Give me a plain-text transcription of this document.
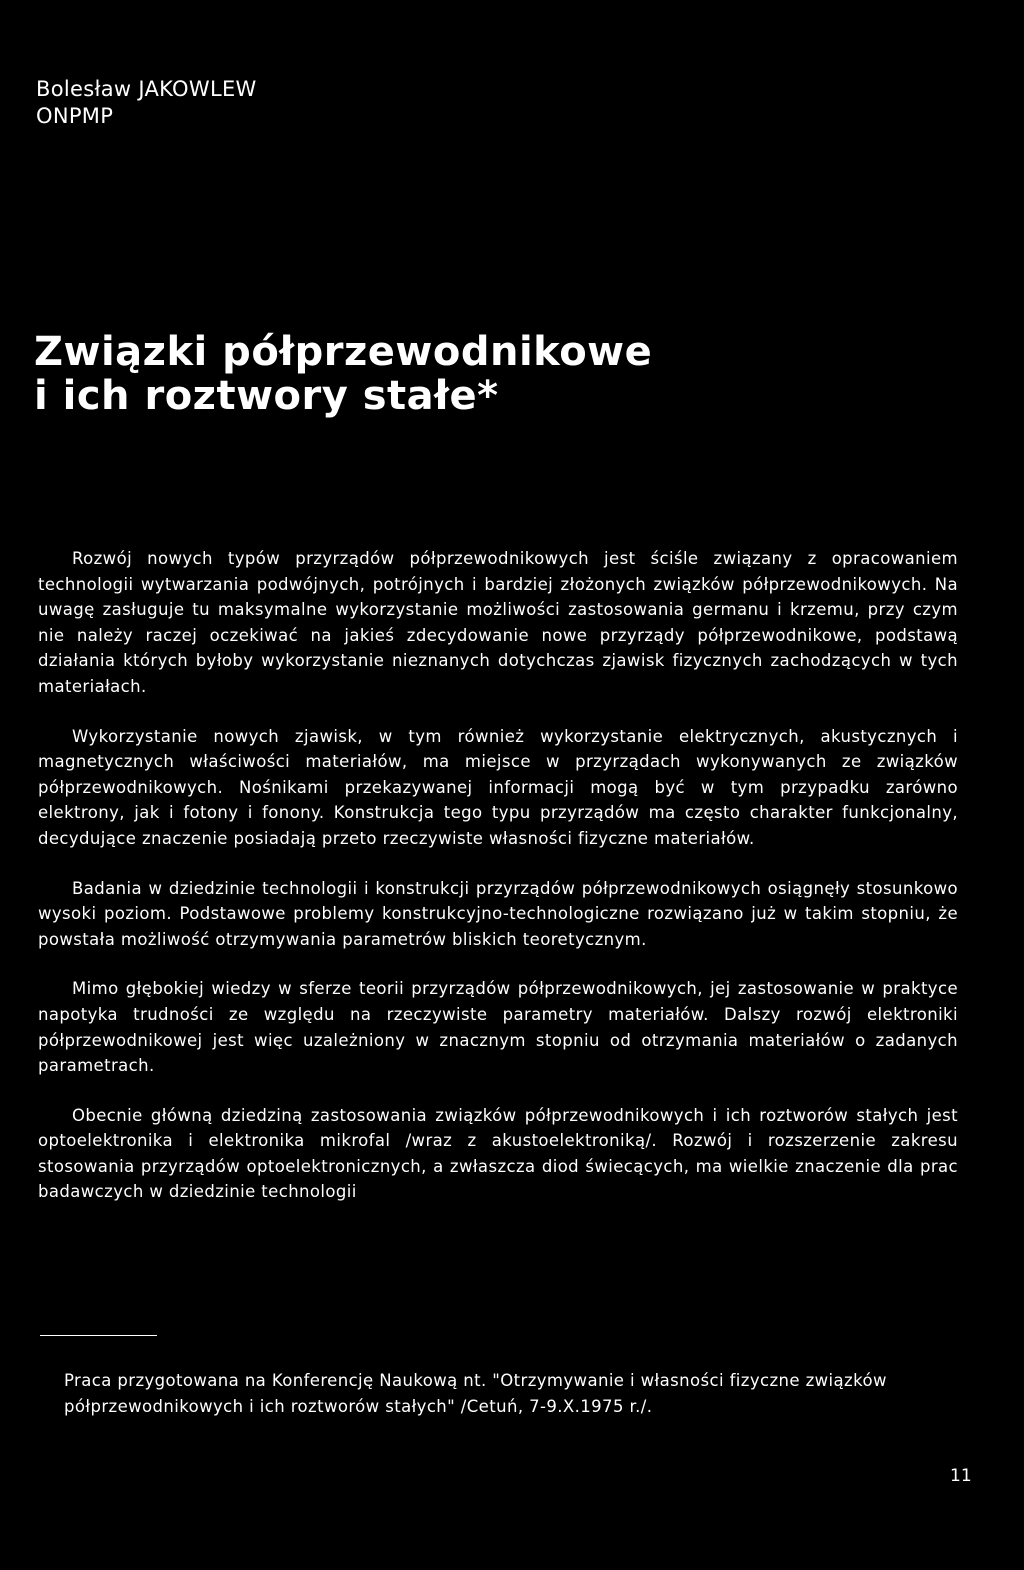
Bolesław JAKOWLEW
ONPMP
Związki półprzewodnikowe
i ich roztwory stałe*

Rozwój nowych typów przyrządów półprzewodnikowych jest ściśle związany z opracowaniem technologii wytwarzania podwójnych, potrójnych i bardziej złożonych związków półprzewodnikowych. Na uwagę zasługuje tu maksymalne wykorzystanie możliwości zastosowania germanu i krzemu, przy czym nie należy raczej oczekiwać na jakieś zdecydowanie nowe przyrządy półprzewodnikowe, podstawą działania których byłoby wykorzystanie nieznanych dotychczas zjawisk fizycznych zachodzących w tych materiałach.

Wykorzystanie nowych zjawisk, w tym również wykorzystanie elektrycznych, akustycznych i magnetycznych właściwości materiałów, ma miejsce w przyrządach wykonywanych ze związków półprzewodnikowych. Nośnikami przekazywanej informacji mogą być w tym przypadku zarówno elektrony, jak i fotony i fonony. Konstrukcja tego typu przyrządów ma często charakter funkcjonalny, decydujące znaczenie posiadają przeto rzeczywiste własności fizyczne materiałów.

Badania w dziedzinie technologii i konstrukcji przyrządów półprzewodnikowych osiągnęły stosunkowo wysoki poziom. Podstawowe problemy konstrukcyjno-technologiczne rozwiązano już w takim stopniu, że powstała możliwość otrzymywania parametrów bliskich teoretycznym.

Mimo głębokiej wiedzy w sferze teorii przyrządów półprzewodnikowych, jej zastosowanie w praktyce napotyka trudności ze względu na rzeczywiste parametry materiałów. Dalszy rozwój elektroniki półprzewodnikowej jest więc uzależniony w znacznym stopniu od otrzymania materiałów o zadanych parametrach.

Obecnie główną dziedziną zastosowania związków półprzewodnikowych i ich roztworów stałych jest optoelektronika i elektronika mikrofal /wraz z akustoelektroniką/. Rozwój i rozszerzenie zakresu stosowania przyrządów optoelektronicznych, a zwłaszcza diod świecących, ma wielkie znaczenie dla prac badawczych w dziedzinie technologii

Praca przygotowana na Konferencję Naukową nt. "Otrzymywanie i własności fizyczne związków półprzewodnikowych i ich roztworów stałych" /Cetuń, 7-9.X.1975 r./.
11
